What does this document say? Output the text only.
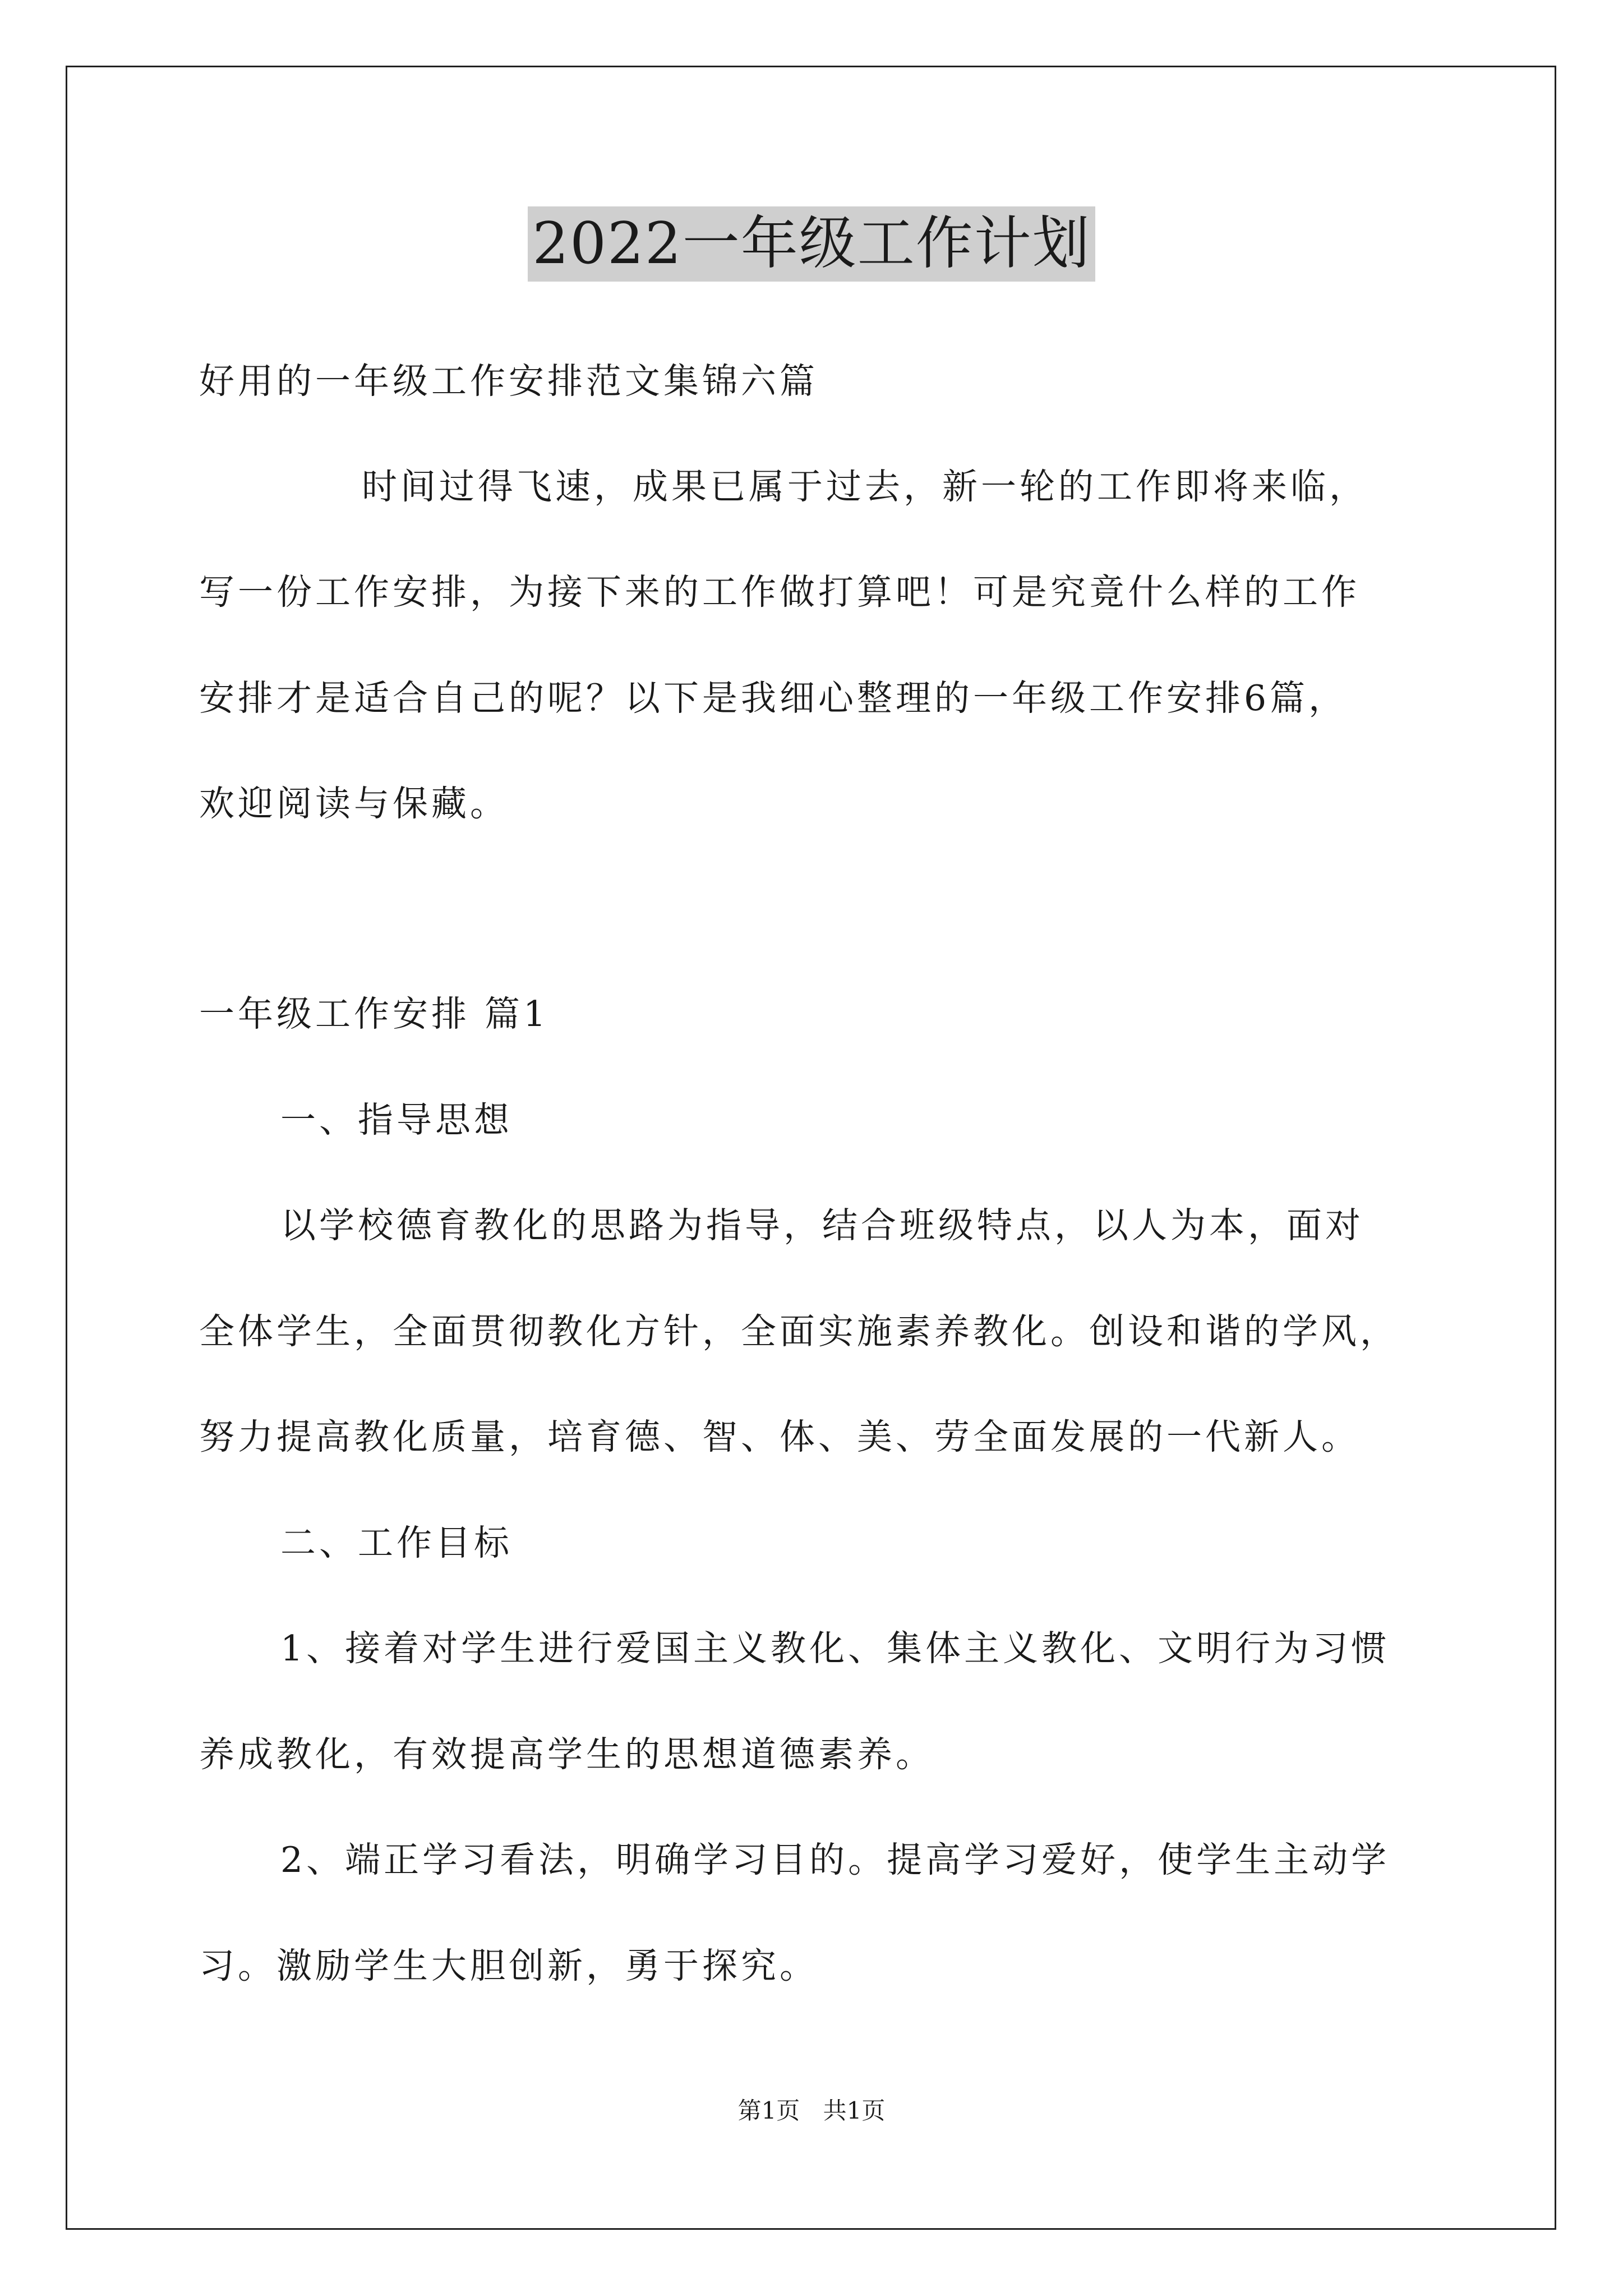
2022一年级工作计划
好用的一年级工作安排范文集锦六篇
时间过得飞速，成果已属于过去，新一轮的工作即将来临，
写一份工作安排，为接下来的工作做打算吧！可是究竟什么样的工作
安排才是适合自己的呢？以下是我细心整理的一年级工作安排6篇，
欢迎阅读与保藏。
一年级工作安排 篇1
一、指导思想
以学校德育教化的思路为指导，结合班级特点，以人为本，面对
全体学生，全面贯彻教化方针，全面实施素养教化。创设和谐的学风，
努力提高教化质量，培育德、智、体、美、劳全面发展的一代新人。
二、工作目标
1、接着对学生进行爱国主义教化、集体主义教化、文明行为习惯
养成教化，有效提高学生的思想道德素养。
2、端正学习看法，明确学习目的。提高学习爱好，使学生主动学
习。激励学生大胆创新，勇于探究。
第1页 共1页
